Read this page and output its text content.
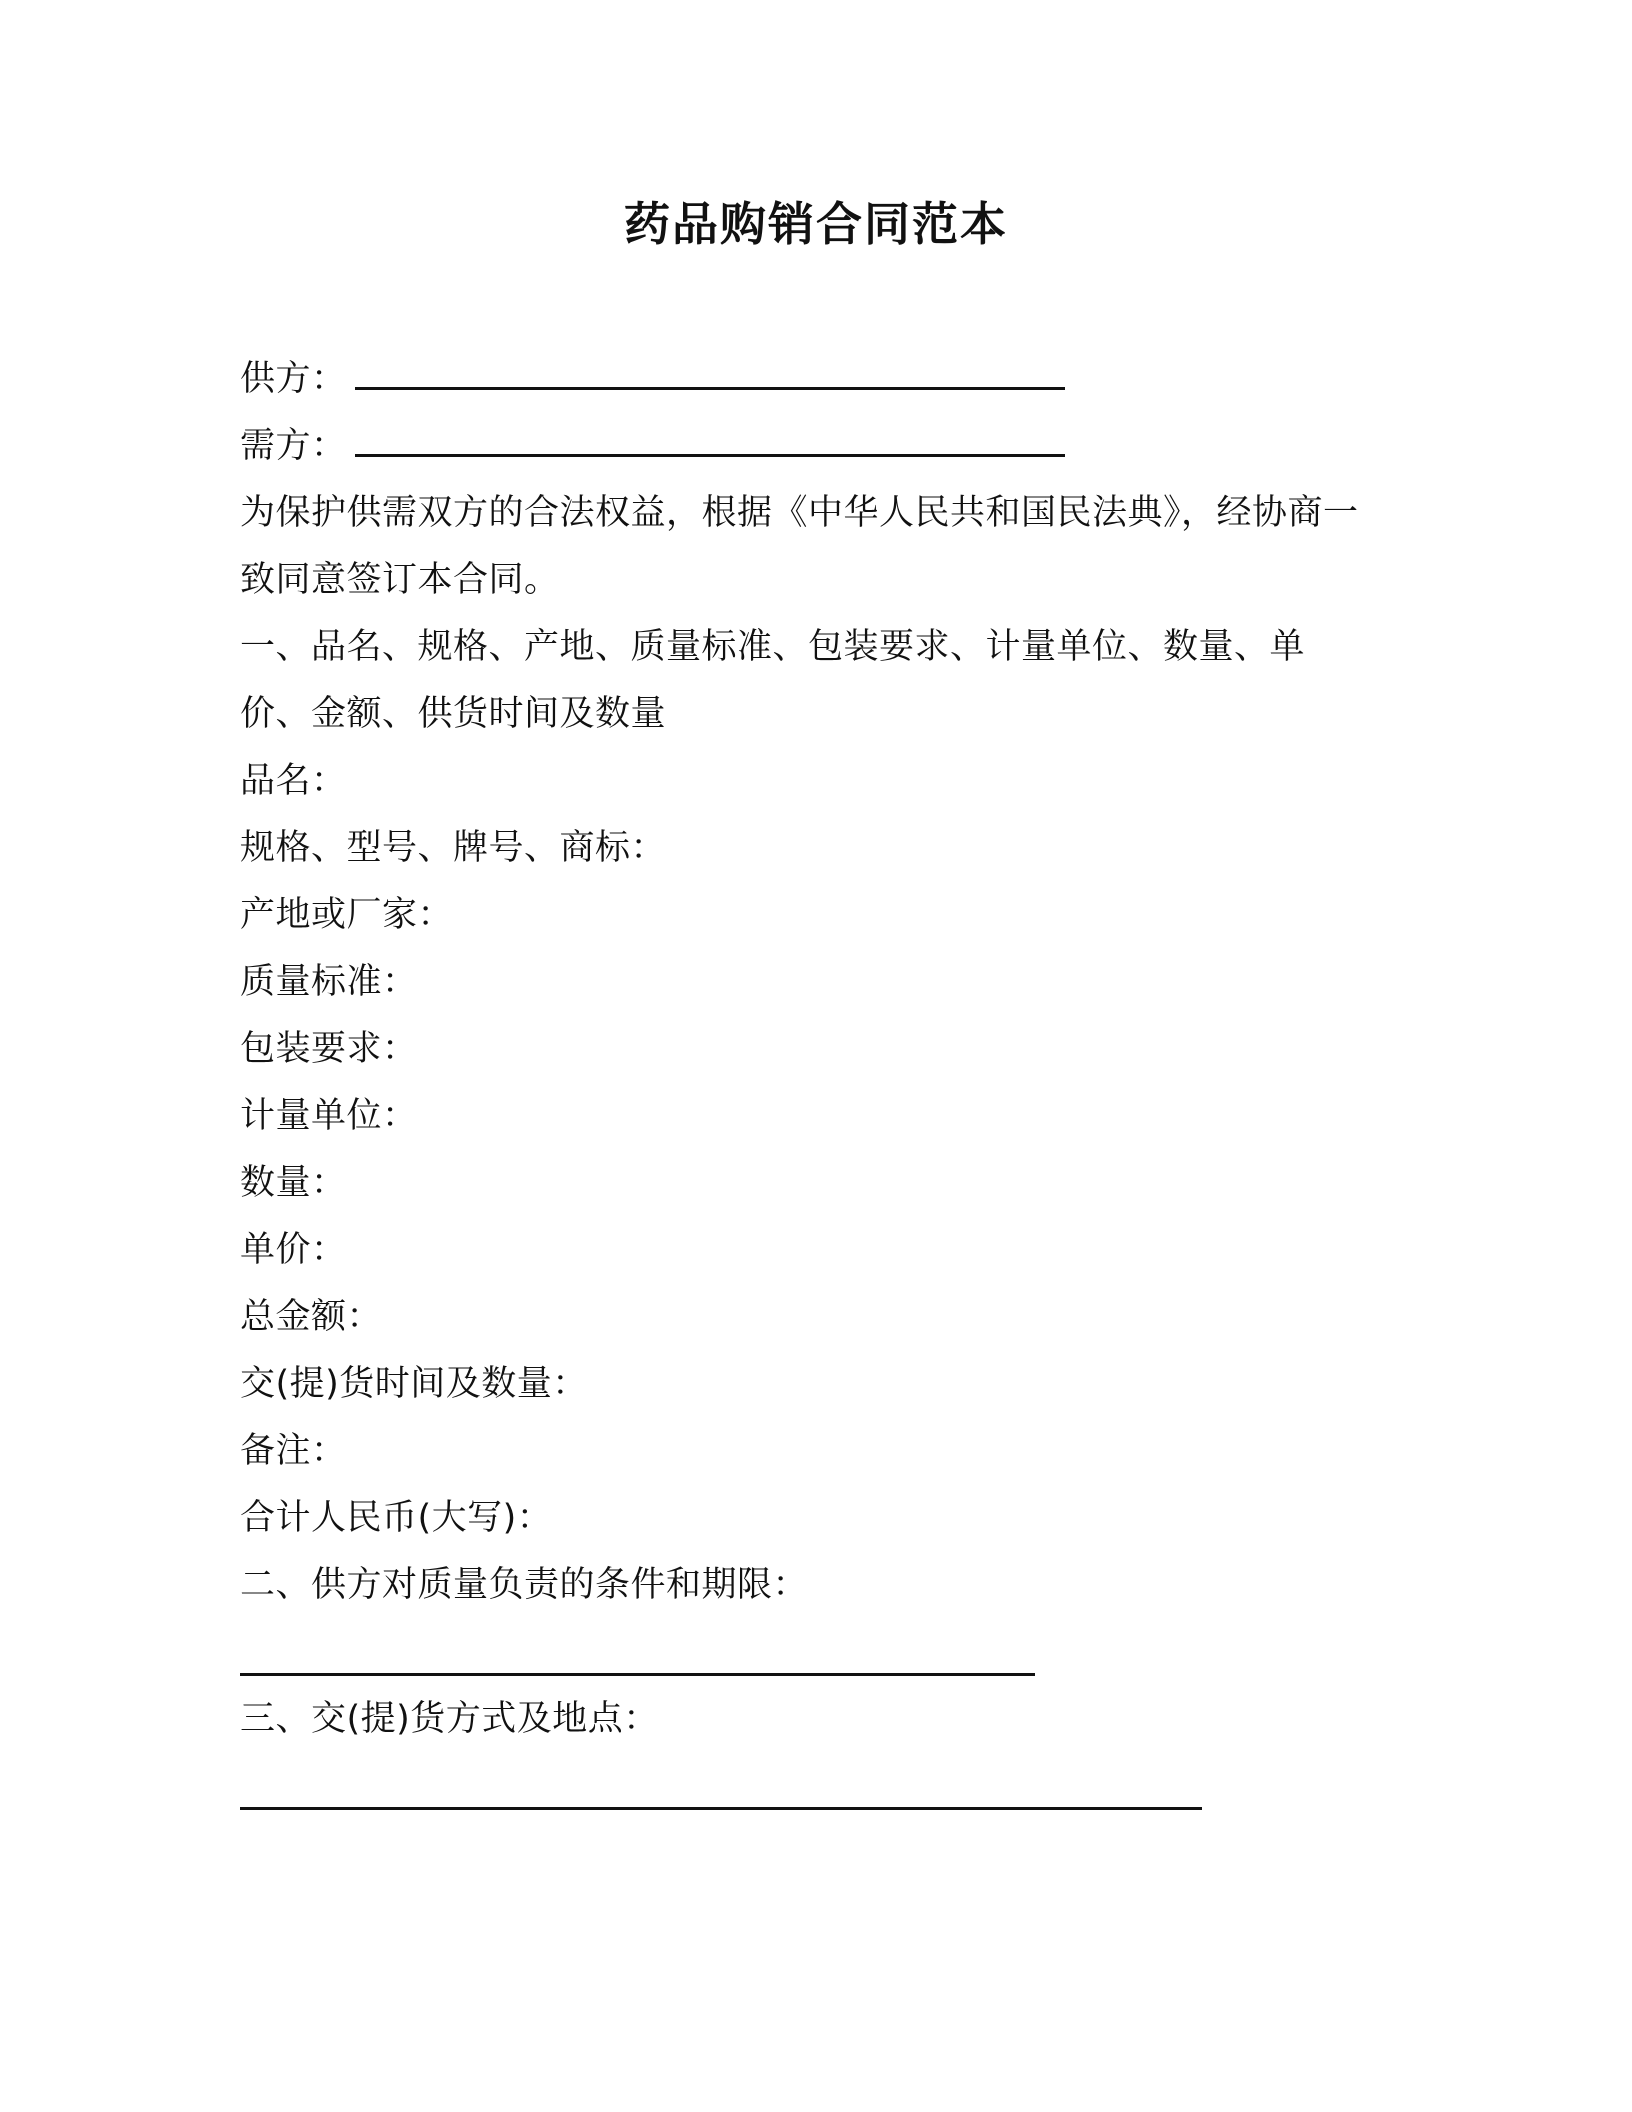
药品购销合同范本
供方：
需方：
为保护供需双方的合法权益，根据《中华人民共和国民法典》，经协商一致同意签订本合同。
一、品名、规格、产地、质量标准、包装要求、计量单位、数量、单价、金额、供货时间及数量
品名：
规格、型号、牌号、商标：
产地或厂家：
质量标准：
包装要求：
计量单位：
数量：
单价：
总金额：
交(提)货时间及数量：
备注：
合计人民币(大写)：
二、供方对质量负责的条件和期限：
三、交(提)货方式及地点：
